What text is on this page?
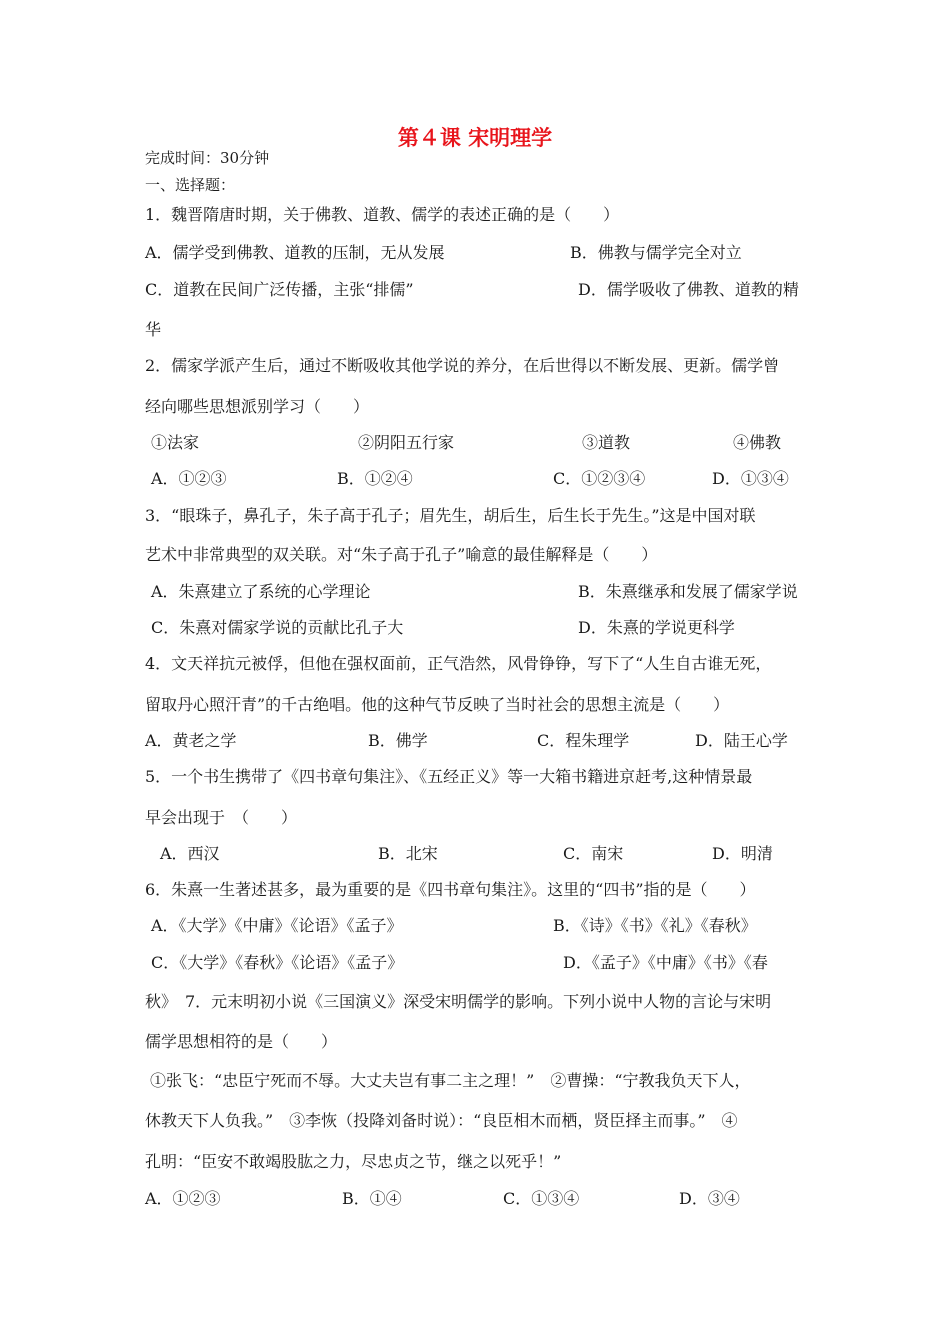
第４课 宋明理学
完成时间：30分钟
一、选择题：
1．魏晋隋唐时期，关于佛教、道教、儒学的表述正确的是（　　）
A．儒学受到佛教、道教的压制，无从发展	B．佛教与儒学完全对立
C．道教在民间广泛传播，主张“排儒”	D．儒学吸收了佛教、道教的精
华
2．儒家学派产生后，通过不断吸收其他学说的养分，在后世得以不断发展、更新。儒学曾
经向哪些思想派别学习（　　）
①法家	②阴阳五行家	③道教	④佛教
A．①②③	B．①②④	C．①②③④	D．①③④
3．“眼珠子，鼻孔子，朱子高于孔子；眉先生，胡后生，后生长于先生。”这是中国对联
艺术中非常典型的双关联。对“朱子高于孔子”喻意的最佳解释是（　　）
A．朱熹建立了系统的心学理论	B．朱熹继承和发展了儒家学说
C．朱熹对儒家学说的贡献比孔子大	D．朱熹的学说更科学
4．文天祥抗元被俘，但他在强权面前，正气浩然，风骨铮铮，写下了“人生自古谁无死，
留取丹心照汗青”的千古绝唱。他的这种气节反映了当时社会的思想主流是（　　）
A．黄老之学	B．佛学	C．程朱理学	D．陆王心学
5．一个书生携带了《四书章句集注》、《五经正义》等一大箱书籍进京赶考,这种情景最
早会出现于　（　　）
A．西汉	B．北宋	C．南宋	D．明清
6．朱熹一生著述甚多，最为重要的是《四书章句集注》。这里的“四书”指的是（　　）
A．《大学》《中庸》《论语》《孟子》	B．《诗》《书》《礼》《春秋》
C．《大学》《春秋》《论语》《孟子》	D．《孟子》《中庸》《书》《春
秋》　7．元末明初小说《三国演义》深受宋明儒学的影响。下列小说中人物的言论与宋明
儒学思想相符的是（　　）
①张飞：“忠臣宁死而不辱。大丈夫岂有事二主之理！”　②曹操：“宁教我负天下人，
休教天下人负我。”　③李恢（投降刘备时说）：“良臣相木而栖，贤臣择主而事。”　④
孔明：“臣安不敢竭股肱之力，尽忠贞之节，继之以死乎！”
A．①②③	B．①④	C．①③④	D．③④
